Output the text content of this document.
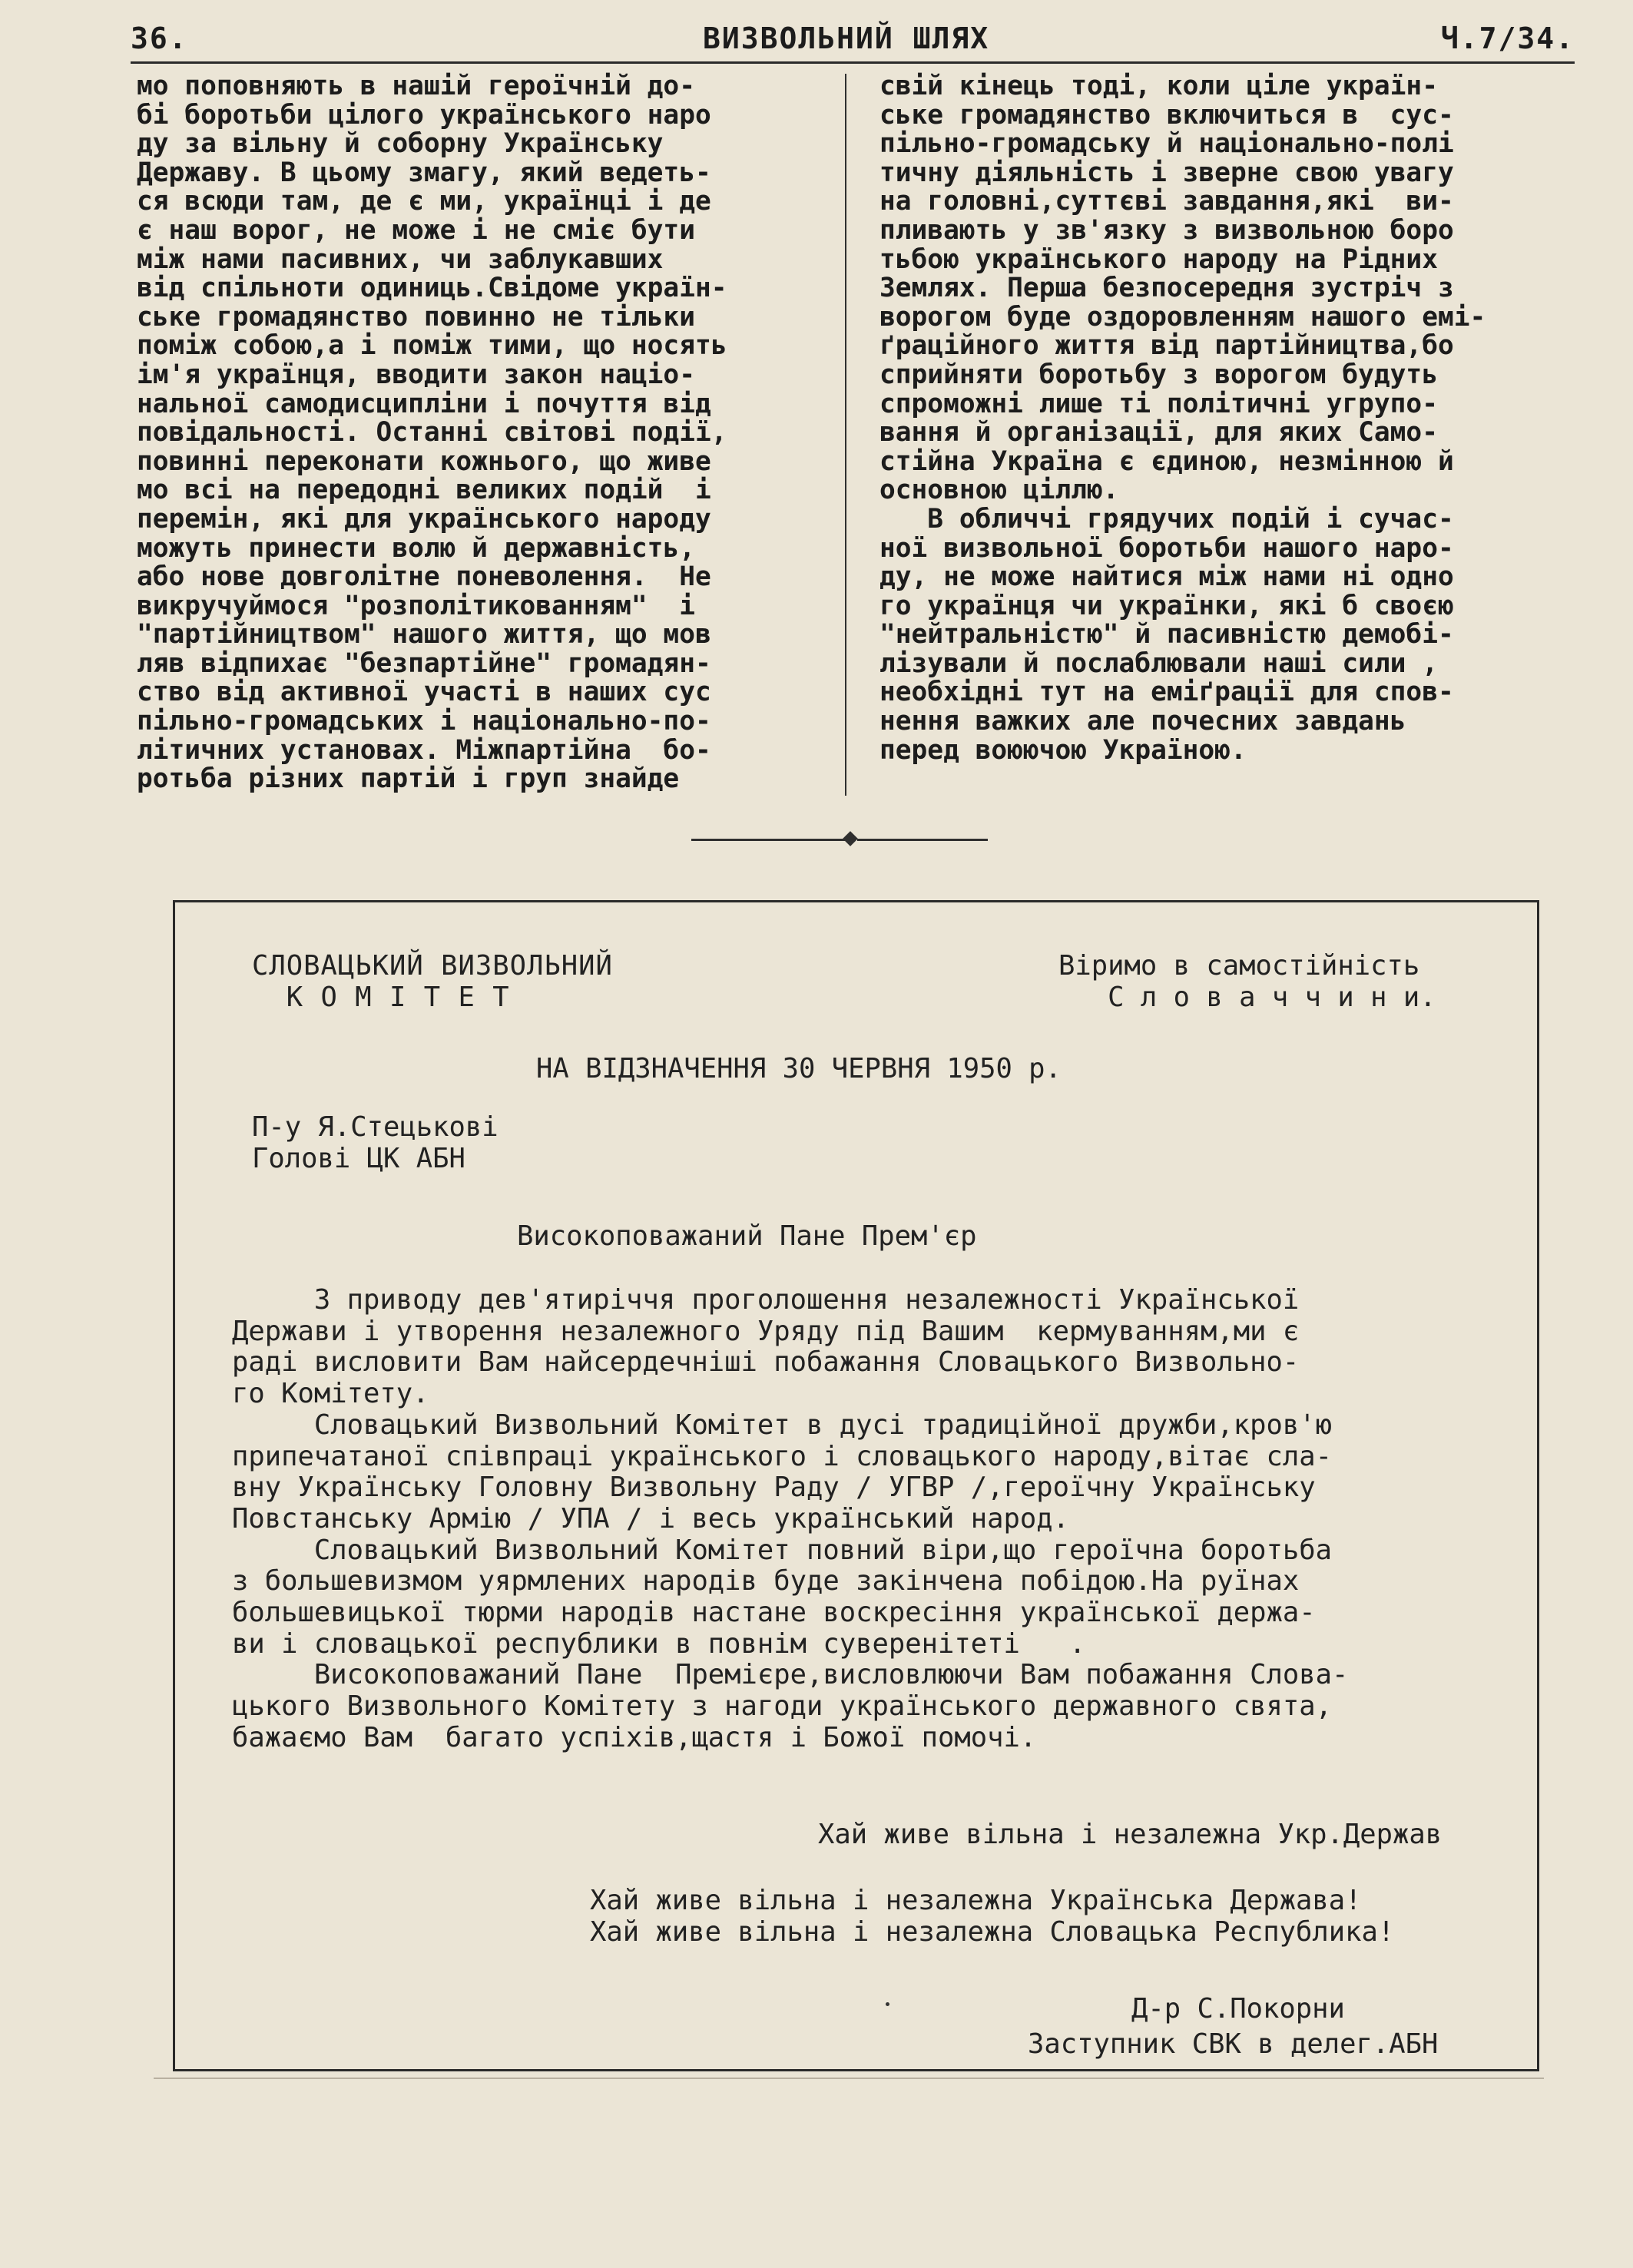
36.	ВИЗВОЛЬНИЙ ШЛЯХ	Ч.7/34.
мо поповняють в нашій героїчній до-
бі боротьби цілого українського наро
ду за вільну й соборну Українську
Державу. В цьому змагу, який ведеть-
ся всюди там, де є ми, українці і де
є наш ворог, не може і не сміє бути
між нами пасивних, чи заблукавших
від спільноти одиниць.Свідоме україн-
ське громадянство повинно не тільки
поміж собою,а і поміж тими, що носять
ім'я українця, вводити закон націо-
нальної самодисципліни і почуття від
повідальності. Останні світові події,
повинні переконати кожнього, що живе
мо всі на передодні великих подій  і
перемін, які для українського народу
можуть принести волю й державність,
або нове довголітне поневолення.  Не
викручуймося "розполітикованням"  і
"партійництвом" нашого життя, що мов
ляв відпихає "безпартійне" громадян-
ство від активної участі в наших сус
пільно-громадських і національно-по-
літичних установах. Міжпартійна  бо-
ротьба різних партій і груп знайде
свій кінець тоді, коли ціле україн-
ське громадянство включиться в  сус-
пільно-громадську й національно-полі
тичну діяльність і зверне свою увагу
на головні,суттєві завдання,які  ви-
пливають у зв'язку з визвольною боро
тьбою українського народу на Рідних
Землях. Перша безпосередня зустріч з
ворогом буде оздоровленням нашого емі-
ґраційного життя від партійництва,бо
сприйняти боротьбу з ворогом будуть
спроможні лише ті політичні угрупо-
вання й організації, для яких Само-
стійна Україна є єдиною, незмінною й
основною ціллю.
В обличчі грядучих подій і сучас-
ної визвольної боротьби нашого наро-
ду, не може найтися між нами ні одно
го українця чи українки, які б своєю
"нейтральністю" й пасивністю демобі-
лізували й послаблювали наші сили ,
необхідні тут на еміґрації для спов-
нення важких але почесних завдань
перед воюючою Україною.
СЛОВАЦЬКИЙ ВИЗВОЛЬНИЙ
К О М І Т Е Т
Віримо в самостійність
С л о в а ч ч и н и.
НА ВІДЗНАЧЕННЯ 30 ЧЕРВНЯ 1950 р.
П-у Я.Стецькові
Голові ЦК АБН
Високоповажаний Пане Прем'єр
З приводу дев'ятиріччя проголошення незалежності Української
Держави і утворення незалежного Уряду під Вашим  кермуванням,ми є
раді висловити Вам найсердечніші побажання Словацького Визвольно-
го Комітету.
Словацький Визвольний Комітет в дусі традиційної дружби,кров'ю
припечатаної співпраці українського і словацького народу,вітає сла-
вну Українську Головну Визвольну Раду / УГВР /,героїчну Українську
Повстанську Армію / УПА / і весь український народ.
Словацький Визвольний Комітет повний віри,що героїчна боротьба
з большевизмом уярмлених народів буде закінчена побідою.На руїнах
большевицької тюрми народів настане воскресіння української держа-
ви і словацької республики в повнім суверенітеті   .
Високоповажаний Пане  Премієре,висловлюючи Вам побажання Слова-
цького Визвольного Комітету з нагоди українського державного свята,
бажаємо Вам  багато успіхів,щастя і Божої помочі.
Хай живе вільна і незалежна Укр.Держав
Хай живе вільна і незалежна Українська Держава!
Хай живе вільна і незалежна Словацька Республика!
Д-р С.Покорни
Заступник СВК в делег.АБН
